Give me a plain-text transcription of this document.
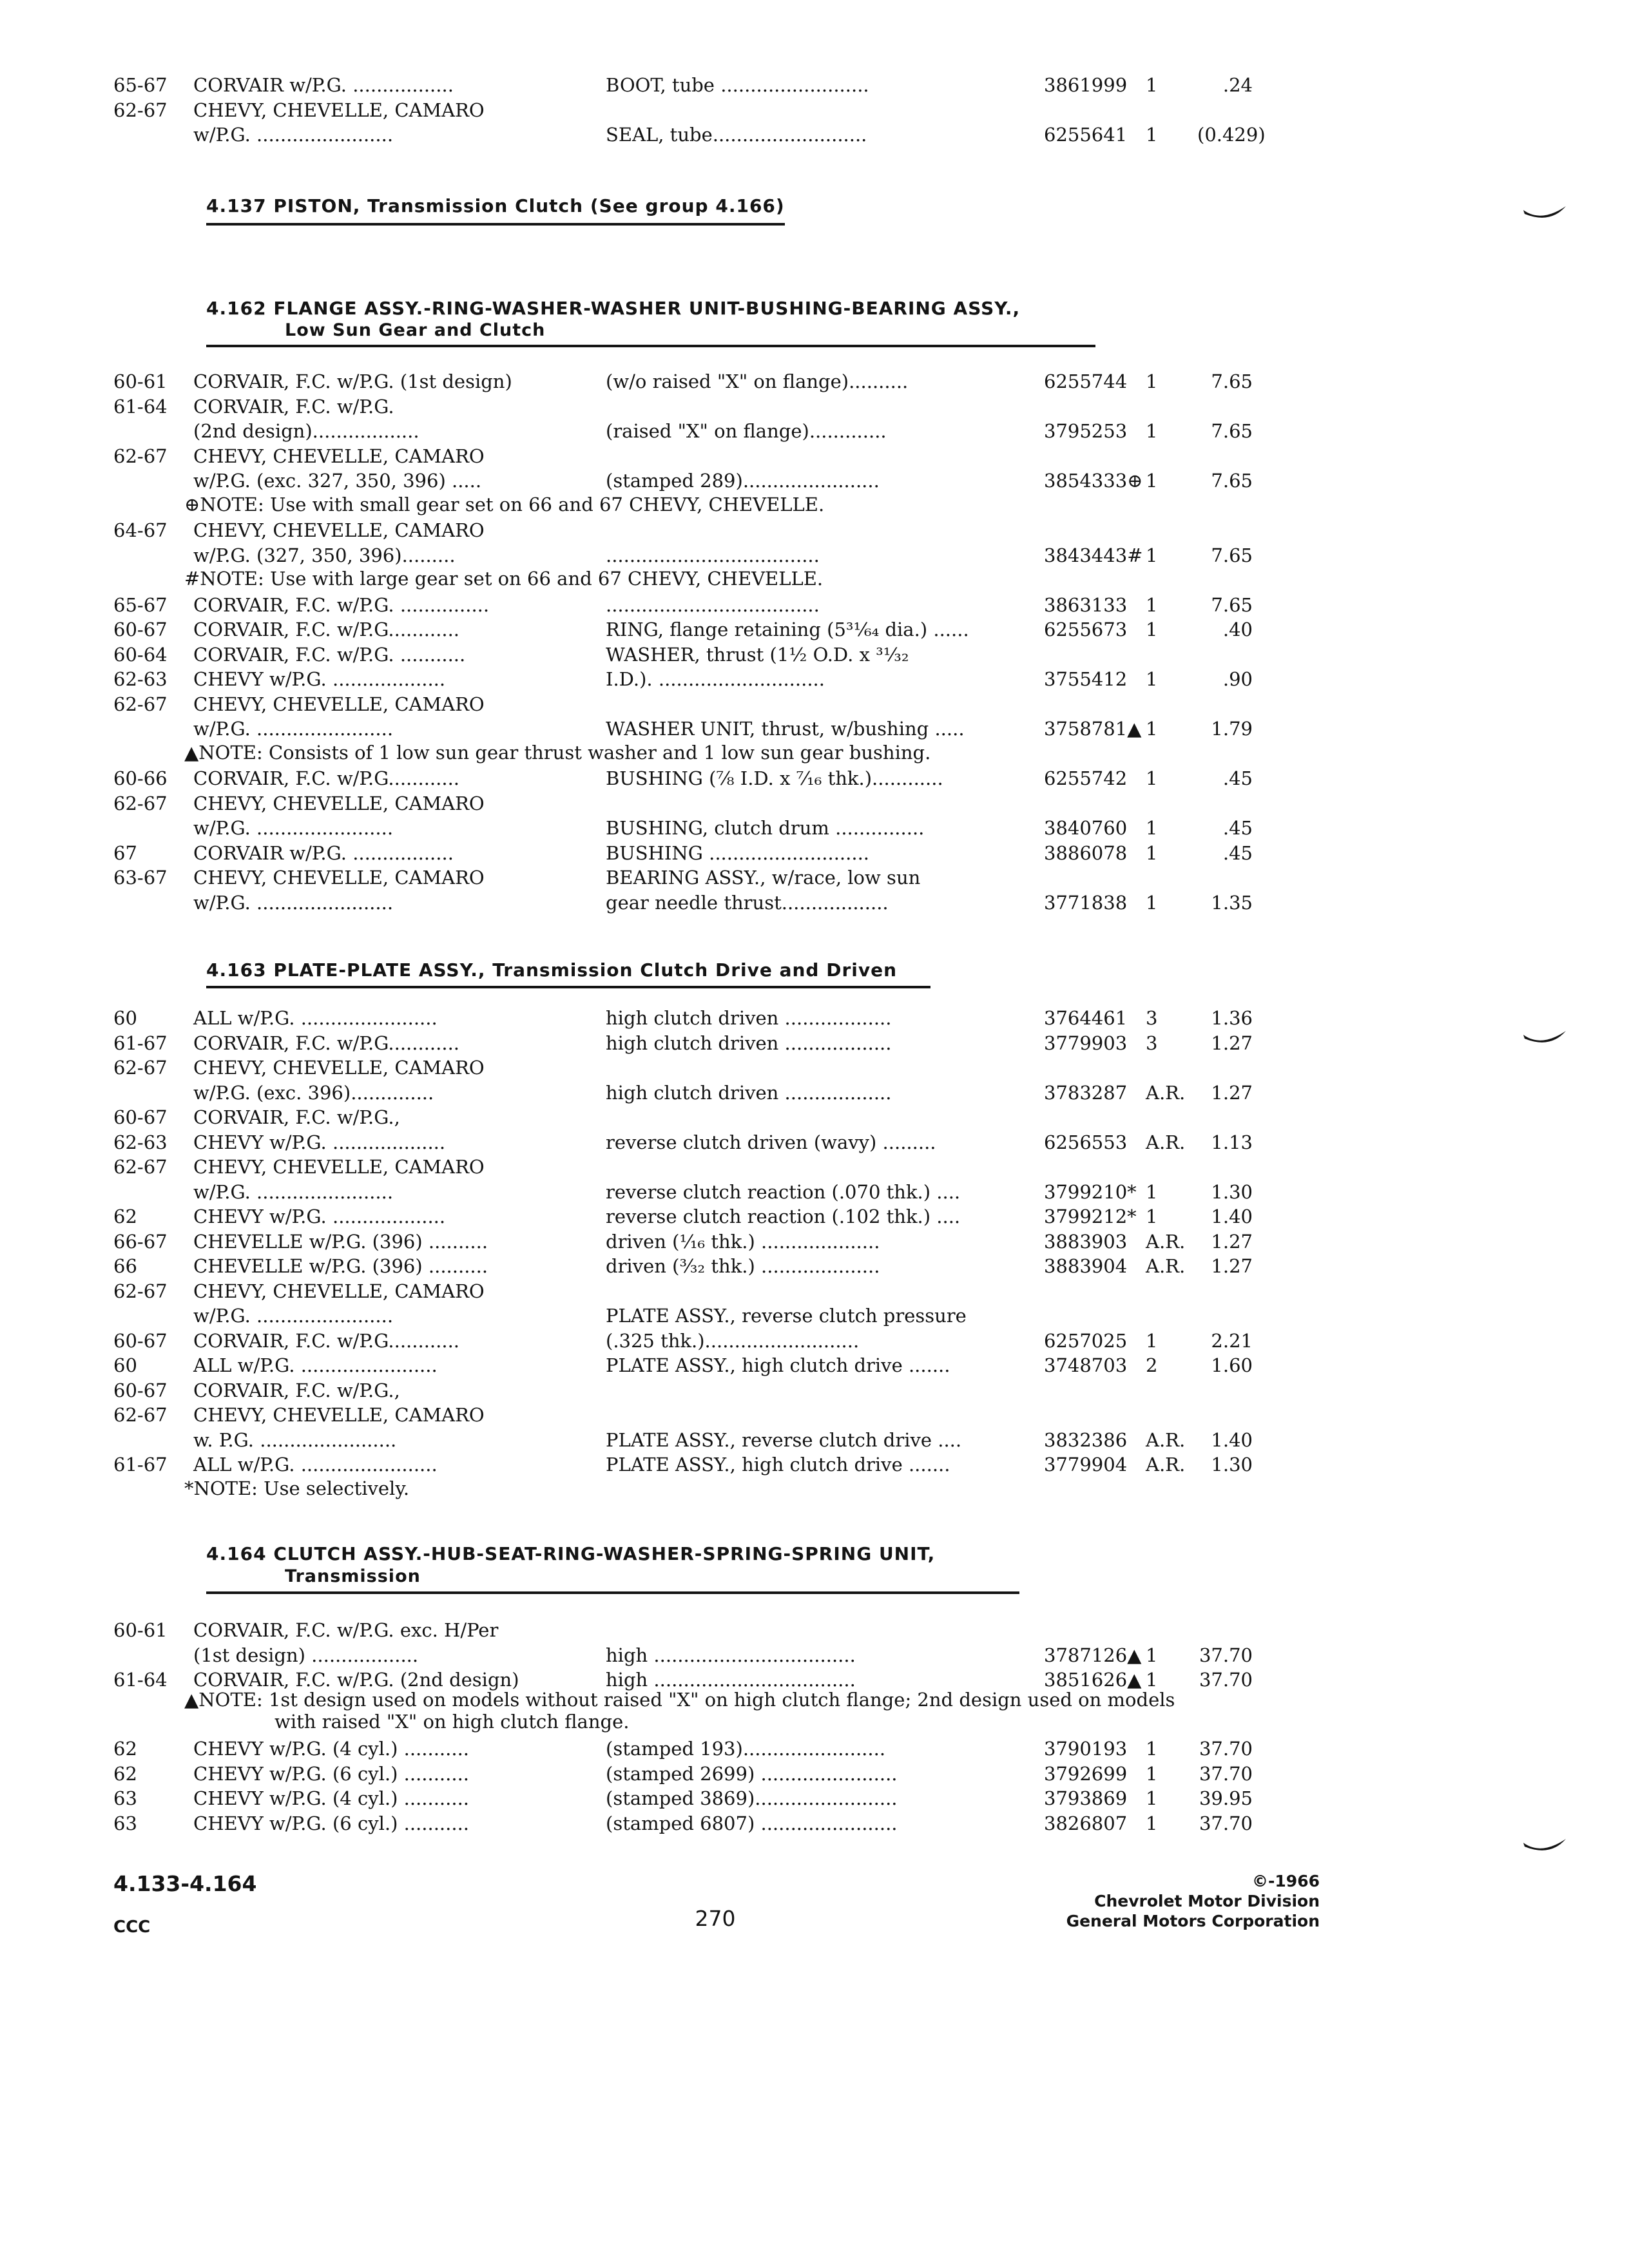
65-67 CORVAIR w/P.G. .................	BOOT, tube .........................	3861999 1	.24
62-67 CHEVY, CHEVELLE, CAMARO
w/P.G. .......................	SEAL, tube..........................	6255641 1 (0.429)
4.137 PISTON, Transmission Clutch (See group 4.166)
4.162 FLANGE ASSY.-RING-WASHER-WASHER UNIT-BUSHING-BEARING ASSY.,
Low Sun Gear and Clutch
60-61 CORVAIR, F.C. w/P.G. (1st design)	(w/o raised "X" on flange)..........	6255744 1	7.65
61-64 CORVAIR, F.C. w/P.G.
(2nd design)..................	(raised "X" on flange).............	3795253 1	7.65
62-67 CHEVY, CHEVELLE, CAMARO
w/P.G. (exc. 327, 350, 396) .....	(stamped 289).......................	3854333⊕ 1	7.65
⊕NOTE: Use with small gear set on 66 and 67 CHEVY, CHEVELLE.
64-67 CHEVY, CHEVELLE, CAMARO
w/P.G. (327, 350, 396).........	....................................	3843443# 1	7.65
#NOTE: Use with large gear set on 66 and 67 CHEVY, CHEVELLE.
65-67 CORVAIR, F.C. w/P.G. ...............	....................................	3863133 1	7.65
60-67 CORVAIR, F.C. w/P.G............	RING, flange retaining (5³¹⁄₆₄ dia.) ......	6255673 1	.40
60-64 CORVAIR, F.C. w/P.G. ...........	WASHER, thrust (1½ O.D. x ³¹⁄₃₂
62-63 CHEVY w/P.G. ...................	I.D.). ............................	3755412 1	.90
62-67 CHEVY, CHEVELLE, CAMARO
w/P.G. .......................	WASHER UNIT, thrust, w/bushing .....	3758781▲ 1	1.79
▲NOTE: Consists of 1 low sun gear thrust washer and 1 low sun gear bushing.
60-66 CORVAIR, F.C. w/P.G............	BUSHING (⅞ I.D. x ⁷⁄₁₆ thk.)............	6255742 1	.45
62-67 CHEVY, CHEVELLE, CAMARO
w/P.G. .......................	BUSHING, clutch drum ...............	3840760 1	.45
67	CORVAIR w/P.G. .................	BUSHING ...........................	3886078 1	.45
63-67 CHEVY, CHEVELLE, CAMARO	BEARING ASSY., w/race, low sun
w/P.G. .......................	gear needle thrust..................	3771838 1	1.35
4.163 PLATE-PLATE ASSY., Transmission Clutch Drive and Driven
60	ALL w/P.G. .......................	high clutch driven ..................	3764461 3	1.36
61-67 CORVAIR, F.C. w/P.G............	high clutch driven ..................	3779903 3	1.27
62-67 CHEVY, CHEVELLE, CAMARO
w/P.G. (exc. 396)..............	high clutch driven ..................	3783287 A.R.	1.27
60-67 CORVAIR, F.C. w/P.G.,
62-63 CHEVY w/P.G. ...................	reverse clutch driven (wavy) .........	6256553 A.R.	1.13
62-67 CHEVY, CHEVELLE, CAMARO
w/P.G. .......................	reverse clutch reaction (.070 thk.) ....	3799210* 1	1.30
62	CHEVY w/P.G. ...................	reverse clutch reaction (.102 thk.) ....	3799212* 1	1.40
66-67 CHEVELLE w/P.G. (396) ..........	driven (¹⁄₁₆ thk.) ....................	3883903 A.R.	1.27
66	CHEVELLE w/P.G. (396) ..........	driven (³⁄₃₂ thk.) ....................	3883904 A.R.	1.27
62-67 CHEVY, CHEVELLE, CAMARO
w/P.G. .......................	PLATE ASSY., reverse clutch pressure
60-67 CORVAIR, F.C. w/P.G............	(.325 thk.)..........................	6257025 1	2.21
60	ALL w/P.G. .......................	PLATE ASSY., high clutch drive .......	3748703 2	1.60
60-67 CORVAIR, F.C. w/P.G.,
62-67 CHEVY, CHEVELLE, CAMARO
w. P.G. .......................	PLATE ASSY., reverse clutch drive ....	3832386 A.R.	1.40
61-67 ALL w/P.G. .......................	PLATE ASSY., high clutch drive .......	3779904 A.R.	1.30
*NOTE: Use selectively.
4.164 CLUTCH ASSY.-HUB-SEAT-RING-WASHER-SPRING-SPRING UNIT,
Transmission
60-61 CORVAIR, F.C. w/P.G. exc. H/Per
(1st design) ..................	high ..................................	3787126▲ 1 37.70
61-64 CORVAIR, F.C. w/P.G. (2nd design)	high ..................................	3851626▲ 1 37.70
▲NOTE: 1st design used on models without raised "X" on high clutch flange; 2nd design used on models
with raised "X" on high clutch flange.
62	CHEVY w/P.G. (4 cyl.) ...........	(stamped 193)........................	3790193 1 37.70
62	CHEVY w/P.G. (6 cyl.) ...........	(stamped 2699) .......................	3792699 1 37.70
63	CHEVY w/P.G. (4 cyl.) ...........	(stamped 3869)........................	3793869 1 39.95
63	CHEVY w/P.G. (6 cyl.) ...........	(stamped 6807) .......................	3826807 1 37.70
4.133-4.164
CCC	270
©-1966
Chevrolet Motor Division
General Motors Corporation
